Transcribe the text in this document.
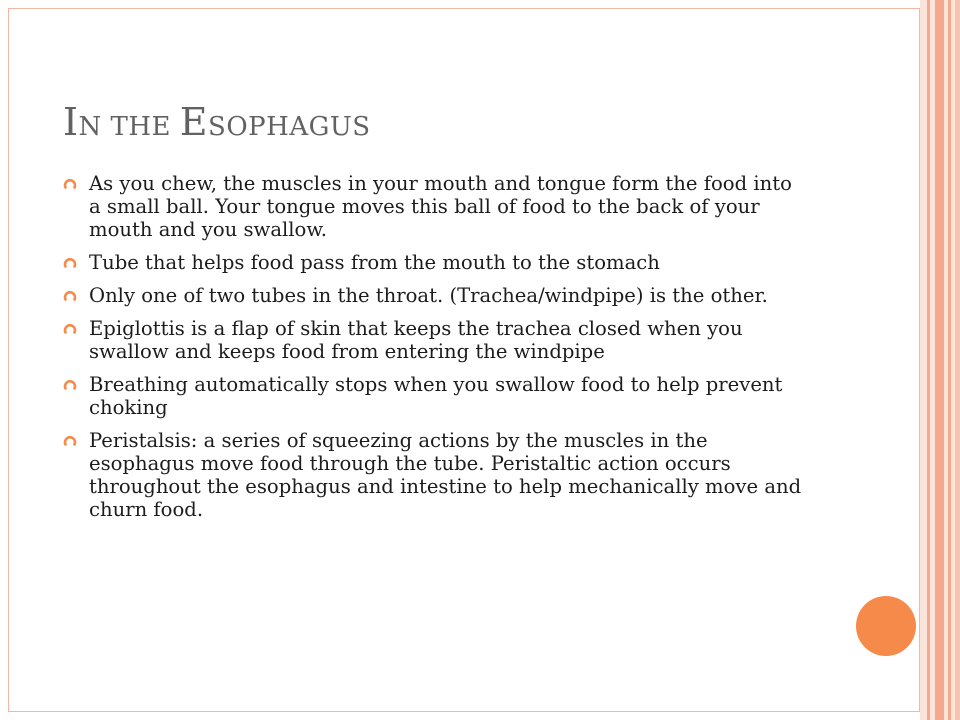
IN THE ESOPHAGUS
As you chew, the muscles in your mouth and tongue form the food into a small ball. Your tongue moves this ball of food to the back of your mouth and you swallow.
Tube that helps food pass from the mouth to the stomach
Only one of two tubes in the throat. (Trachea/windpipe) is the other.
Epiglottis is a flap of skin that keeps the trachea closed when you swallow and keeps food from entering the windpipe
Breathing automatically stops when you swallow food to help prevent choking
Peristalsis: a series of squeezing actions by the muscles in the esophagus move food through the tube. Peristaltic action occurs throughout the esophagus and intestine to help mechanically move and churn food.
